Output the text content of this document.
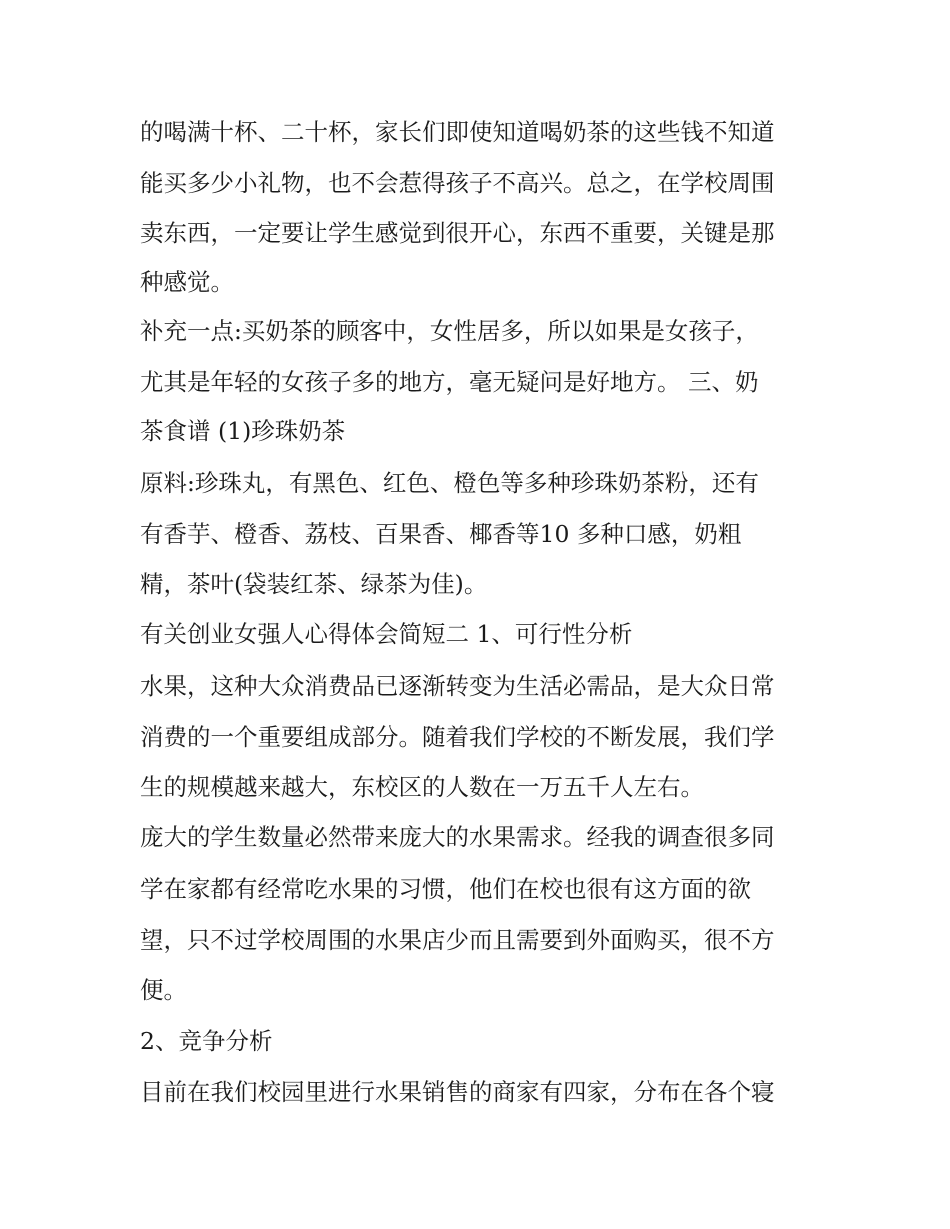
的喝满十杯、二十杯，家长们即使知道喝奶茶的这些钱不知道
能买多少小礼物，也不会惹得孩子不高兴。总之，在学校周围
卖东西，一定要让学生感觉到很开心，东西不重要，关键是那
种感觉。
补充一点:买奶茶的顾客中，女性居多，所以如果是女孩子，
尤其是年轻的女孩子多的地方，毫无疑问是好地方。 三、奶
茶食谱 (1)珍珠奶茶
原料:珍珠丸，有黑色、红色、橙色等多种珍珠奶茶粉，还有
有香芋、橙香、荔枝、百果香、椰香等10 多种口感，奶粗
精，茶叶(袋装红茶、绿茶为佳)。
有关创业女强人心得体会简短二 1、可行性分析
水果，这种大众消费品已逐渐转变为生活必需品，是大众日常
消费的一个重要组成部分。随着我们学校的不断发展，我们学
生的规模越来越大，东校区的人数在一万五千人左右。
庞大的学生数量必然带来庞大的水果需求。经我的调查很多同
学在家都有经常吃水果的习惯，他们在校也很有这方面的欲
望，只不过学校周围的水果店少而且需要到外面购买，很不方
便。
2、竞争分析
目前在我们校园里进行水果销售的商家有四家，分布在各个寝
